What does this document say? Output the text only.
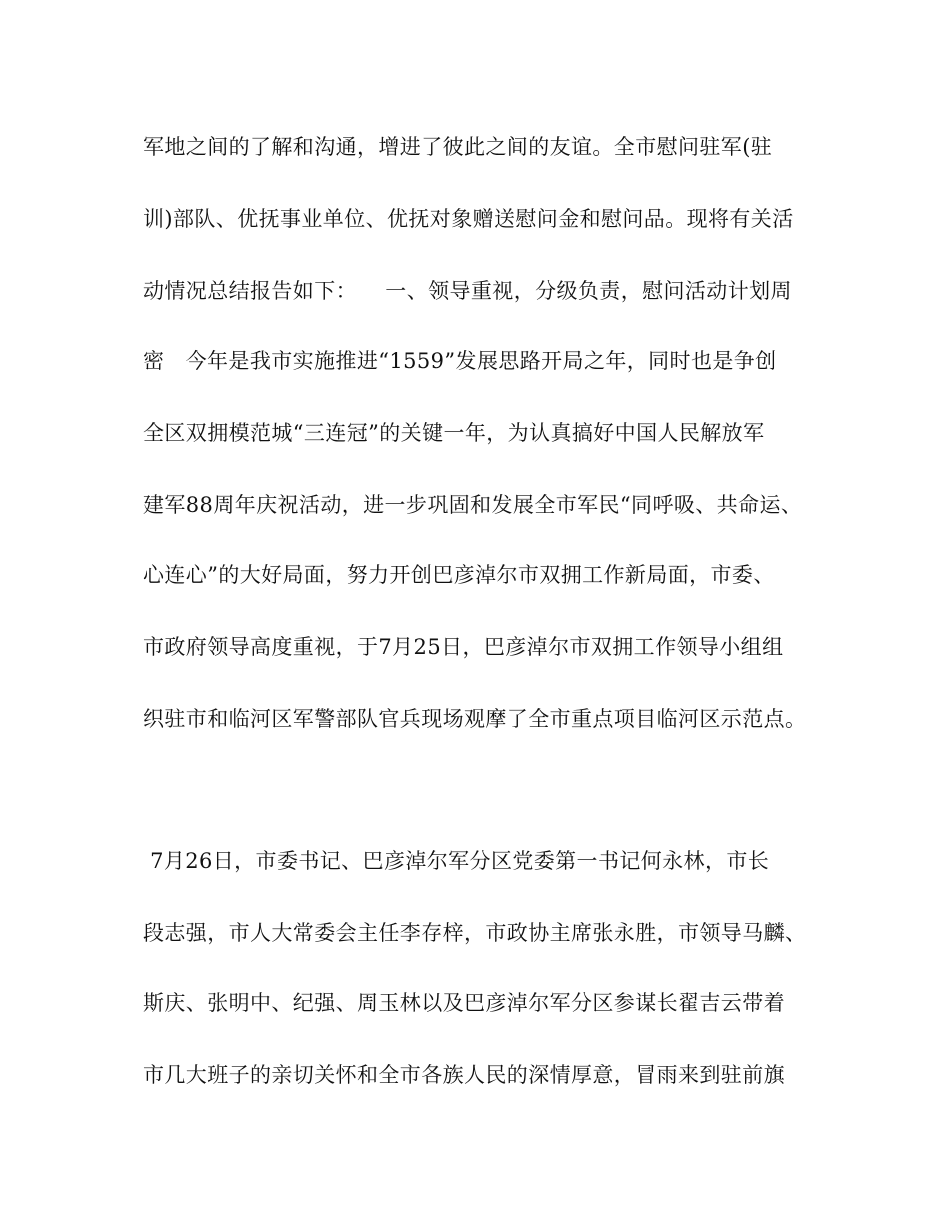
军地之间的了解和沟通，增进了彼此之间的友谊。全市慰问驻军(驻
训)部队、优抚事业单位、优抚对象赠送慰问金和慰问品。现将有关活
动情况总结报告如下：    一、领导重视，分级负责，慰问活动计划周
密   今年是我市实施推进“1559”发展思路开局之年，同时也是争创
全区双拥模范城“三连冠”的关键一年，为认真搞好中国人民解放军
建军88周年庆祝活动，进一步巩固和发展全市军民“同呼吸、共命运、
心连心”的大好局面，努力开创巴彦淖尔市双拥工作新局面，市委、
市政府领导高度重视，于7月25日，巴彦淖尔市双拥工作领导小组组
织驻市和临河区军警部队官兵现场观摩了全市重点项目临河区示范点。
7月26日，市委书记、巴彦淖尔军分区党委第一书记何永林，市长
段志强，市人大常委会主任李存梓，市政协主席张永胜，市领导马麟、
斯庆、张明中、纪强、周玉林以及巴彦淖尔军分区参谋长翟吉云带着
市几大班子的亲切关怀和全市各族人民的深情厚意，冒雨来到驻前旗
